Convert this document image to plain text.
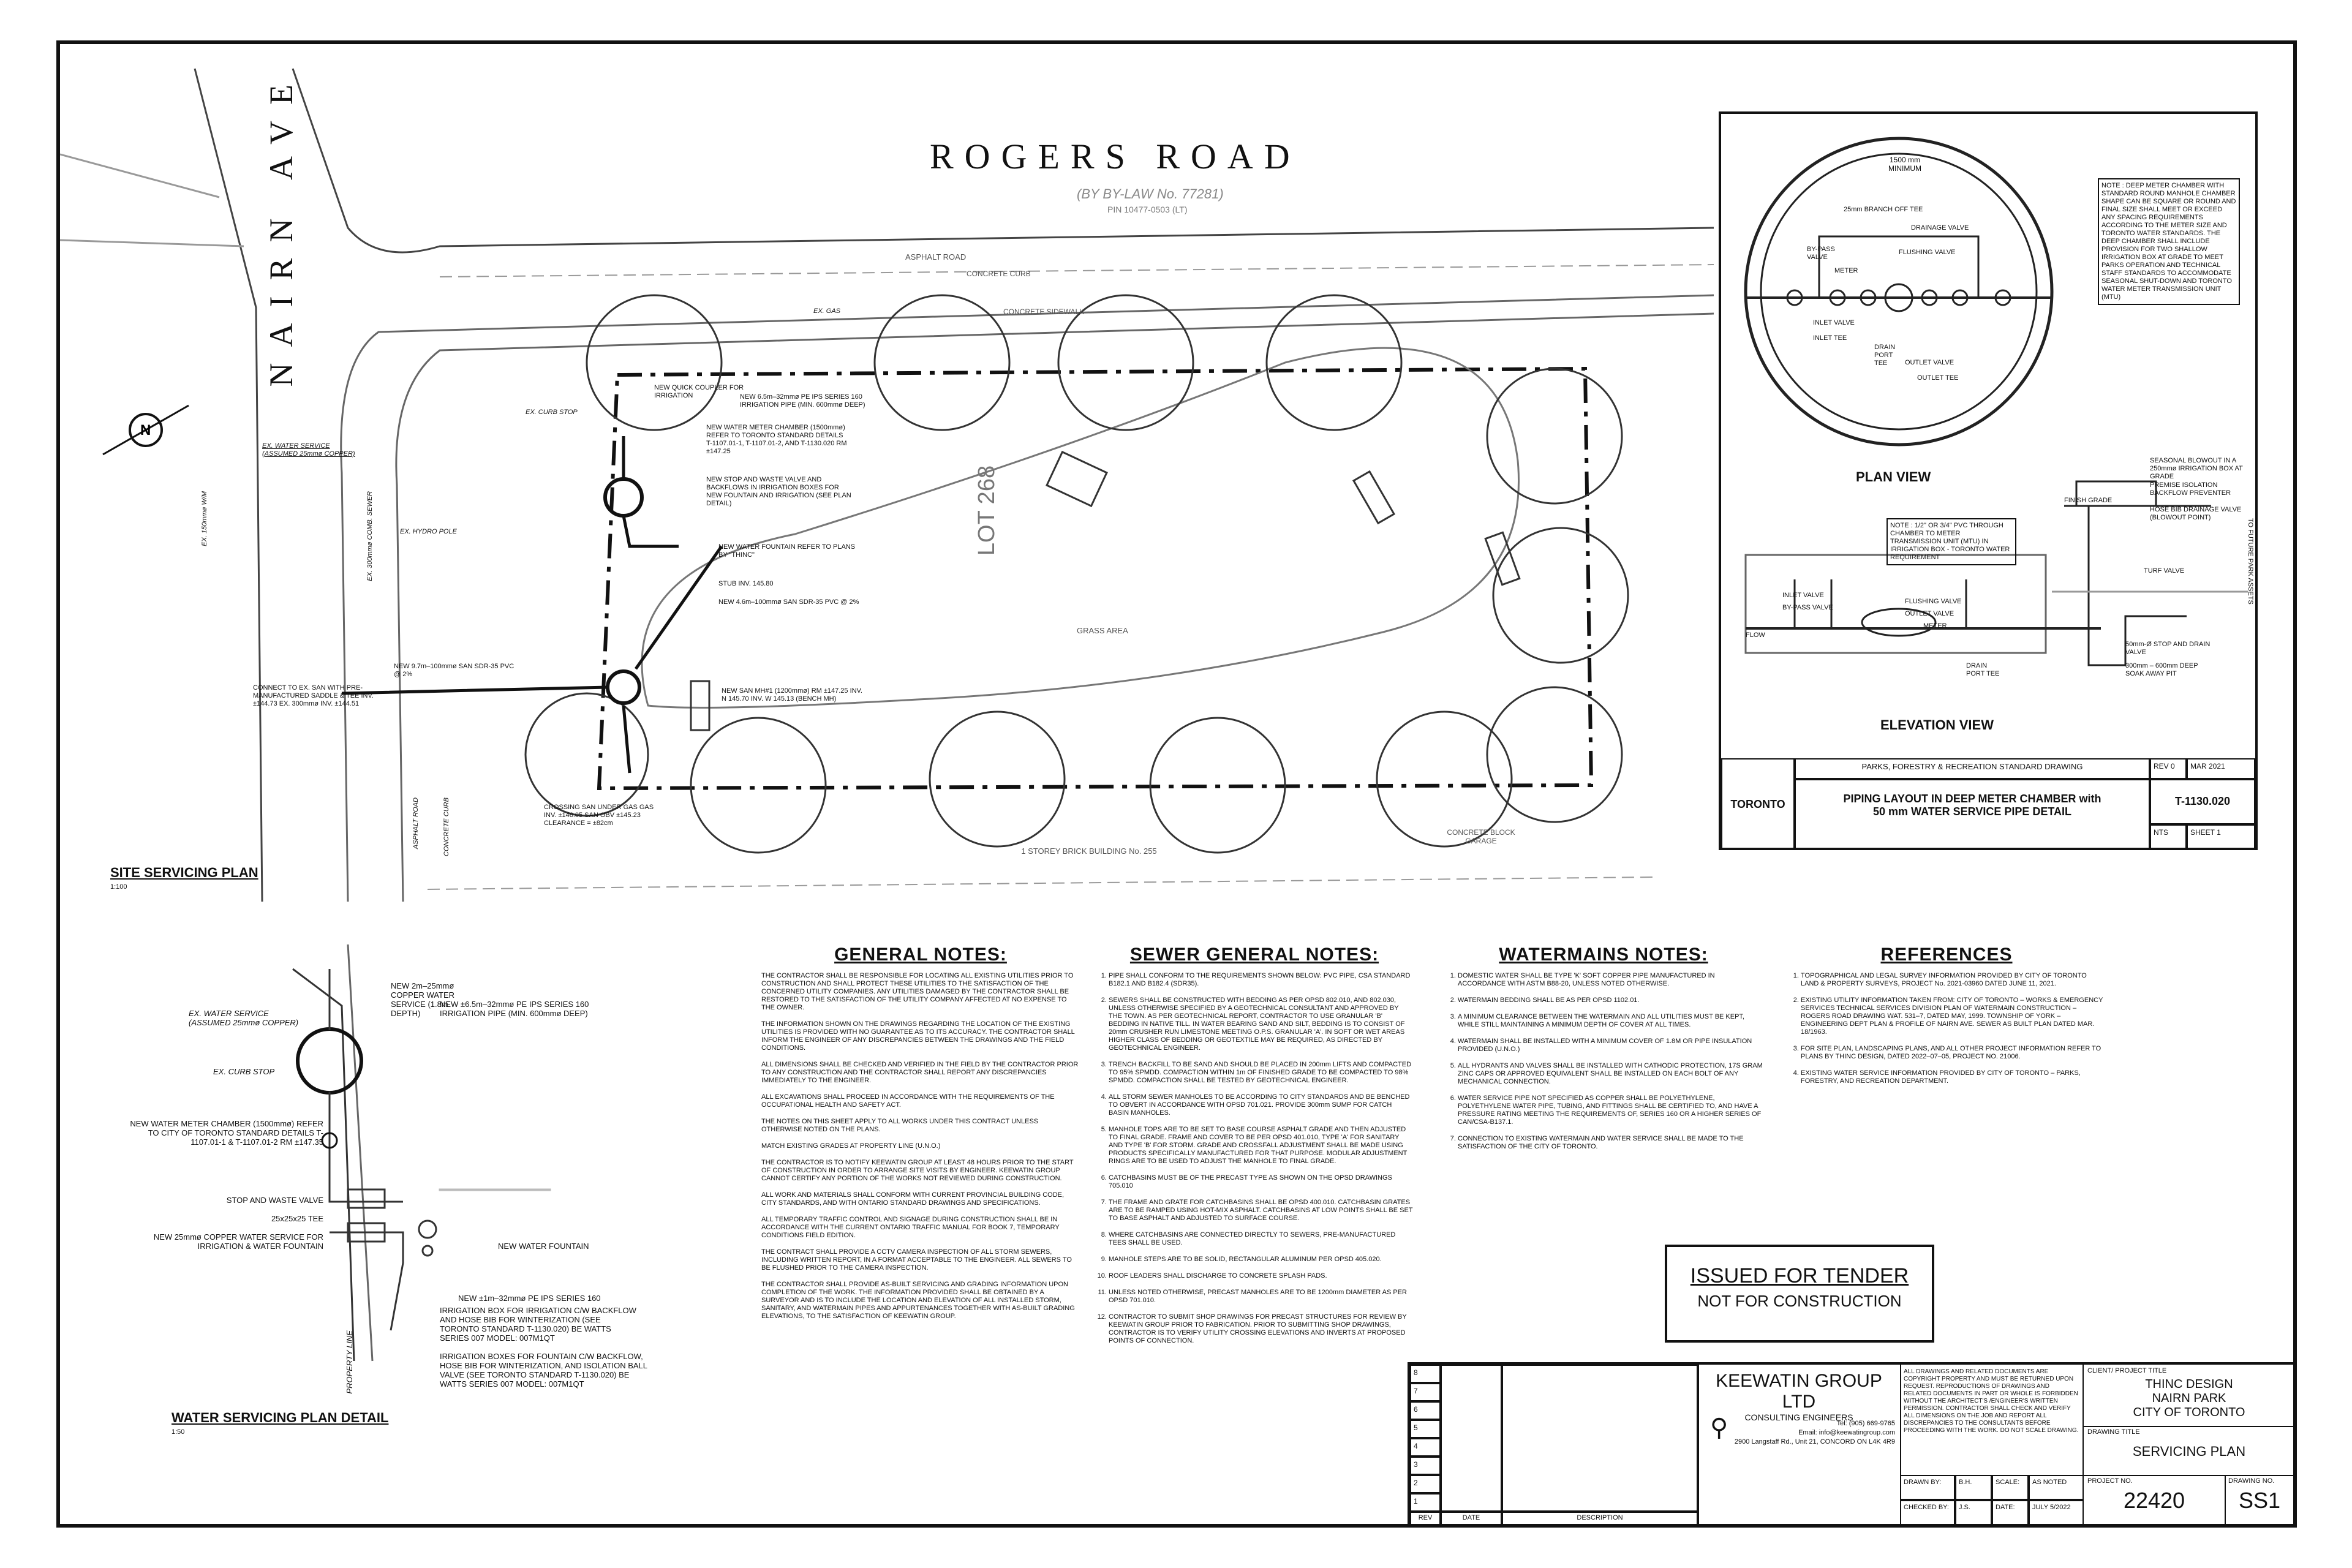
N
ROGERS ROAD
(BY BY-LAW No. 77281)
PIN 10477-0503 (LT)
NAIRN AVE	ASPHALT ROAD
CONCRETE CURB
CONCRETE SIDEWALK
GRASS AREA
LOT 268
1 STOREY BRICK BUILDING No. 255
CONCRETE BLOCK GARAGE
EX. WATER SERVICE (ASSUMED 25mmø COPPER)
EX. CURB STOP
EX. HYDRO POLE
EX. 300mmø COMB. SEWER
EX. 150mmø W/M
EX. GAS
ASPHALT ROAD	CONCRETE CURB
NEW QUICK COUPLER FOR IRRIGATION	NEW 6.5m–32mmø PE IPS SERIES 160 IRRIGATION PIPE (MIN. 600mmø DEEP)
NEW WATER METER CHAMBER (1500mmø) REFER TO TORONTO STANDARD DETAILS T-1107.01-1, T-1107.01-2, AND T-1130.020 RM ±147.25
NEW STOP AND WASTE VALVE AND BACKFLOWS IN IRRIGATION BOXES FOR NEW FOUNTAIN AND IRRIGATION (SEE PLAN DETAIL)
NEW WATER FOUNTAIN REFER TO PLANS BY "THINC"
STUB INV. 145.80
NEW 4.6m–100mmø SAN SDR-35 PVC @ 2%
NEW 9.7m–100mmø SAN SDR-35 PVC @ 2%
CONNECT TO EX. SAN WITH PRE-MANUFACTURED SADDLE & TEE INV. ±144.73 EX. 300mmø INV. ±144.51
NEW SAN MH#1 (1200mmø) RM ±147.25 INV. N 145.70 INV. W 145.13 (BENCH MH)
CROSSING SAN UNDER GAS GAS INV. ±146.05 SAN OBV ±145.23 CLEARANCE = ±82cm
SITE SERVICING PLAN
1:100
NEW 2m–25mmø COPPER WATER SERVICE (1.8m DEPTH)
NEW ±6.5m–32mmø PE IPS SERIES 160 IRRIGATION PIPE (MIN. 600mmø DEEP)
EX. WATER SERVICE (ASSUMED 25mmø COPPER)
EX. CURB STOP
NEW WATER METER CHAMBER (1500mmø) REFER TO CITY OF TORONTO STANDARD DETAILS T-1107.01-1 & T-1107.01-2 RM ±147.35
STOP AND WASTE VALVE
25x25x25 TEE
NEW 25mmø COPPER WATER SERVICE FOR IRRIGATION & WATER FOUNTAIN	NEW WATER FOUNTAIN
NEW ±1m–32mmø PE IPS SERIES 160
IRRIGATION BOX FOR IRRIGATION C/W BACKFLOW AND HOSE BIB FOR WINTERIZATION (SEE TORONTO STANDARD T-1130.020) BE WATTS SERIES 007 MODEL: 007M1QT
IRRIGATION BOXES FOR FOUNTAIN C/W BACKFLOW, HOSE BIB FOR WINTERIZATION, AND ISOLATION BALL VALVE (SEE TORONTO STANDARD T-1130.020) BE WATTS SERIES 007 MODEL: 007M1QT
PROPERTY LINE
WATER SERVICING PLAN DETAIL
1:50
1500 mm MINIMUM
NOTE : DEEP METER CHAMBER WITH STANDARD ROUND MANHOLE CHAMBER SHAPE CAN BE SQUARE OR ROUND AND FINAL SIZE SHALL MEET OR EXCEED ANY SPACING REQUIREMENTS ACCORDING TO THE METER SIZE AND TORONTO WATER STANDARDS. THE DEEP CHAMBER SHALL INCLUDE PROVISION FOR TWO SHALLOW IRRIGATION BOX AT GRADE TO MEET PARKS OPERATION AND TECHNICAL STAFF STANDARDS TO ACCOMMODATE SEASONAL SHUT-DOWN AND TORONTO WATER METER TRANSMISSION UNIT (MTU)
25mm BRANCH OFF TEE
DRAINAGE VALVE
BY-PASS VALVE
FLUSHING VALVE
METER
INLET VALVE
INLET TEE
DRAIN PORT TEE	OUTLET VALVE
OUTLET TEE
PLAN VIEW
NOTE : 1/2" OR 3/4" PVC THROUGH CHAMBER TO METER TRANSMISSION UNIT (MTU) IN IRRIGATION BOX - TORONTO WATER REQUIREMENT
FINISH GRADE
SEASONAL BLOWOUT IN A 250mmø IRRIGATION BOX AT GRADE
PREMISE ISOLATION BACKFLOW PREVENTER
HOSE BIB DRAINAGE VALVE (BLOWOUT POINT)
TURF VALVE	TO FUTURE PARK ASSETS
FLUSHING VALVE
OUTLET VALVE
INLET VALVE
BY-PASS VALVE
METER
DRAIN PORT TEE
50mm-Ø STOP AND DRAIN VALVE
300mm – 600mm DEEP SOAK AWAY PIT
FLOW
ELEVATION VIEW
TORONTO
PARKS, FORESTRY & RECREATION STANDARD DRAWING
PIPING LAYOUT IN DEEP METER CHAMBER with 50 mm WATER SERVICE PIPE DETAIL
REV 0	MAR 2021
T-1130.020
NTS	SHEET 1
GENERAL NOTES:

THE CONTRACTOR SHALL BE RESPONSIBLE FOR LOCATING ALL EXISTING UTILITIES PRIOR TO CONSTRUCTION AND SHALL PROTECT THESE UTILITIES TO THE SATISFACTION OF THE CONCERNED UTILITY COMPANIES. ANY UTILITIES DAMAGED BY THE CONTRACTOR SHALL BE RESTORED TO THE SATISFACTION OF THE UTILITY COMPANY AFFECTED AT NO EXPENSE TO THE OWNER.

THE INFORMATION SHOWN ON THE DRAWINGS REGARDING THE LOCATION OF THE EXISTING UTILITIES IS PROVIDED WITH NO GUARANTEE AS TO ITS ACCURACY. THE CONTRACTOR SHALL INFORM THE ENGINEER OF ANY DISCREPANCIES BETWEEN THE DRAWINGS AND THE FIELD CONDITIONS.

ALL DIMENSIONS SHALL BE CHECKED AND VERIFIED IN THE FIELD BY THE CONTRACTOR PRIOR TO ANY CONSTRUCTION AND THE CONTRACTOR SHALL REPORT ANY DISCREPANCIES IMMEDIATELY TO THE ENGINEER.

ALL EXCAVATIONS SHALL PROCEED IN ACCORDANCE WITH THE REQUIREMENTS OF THE OCCUPATIONAL HEALTH AND SAFETY ACT.

THE NOTES ON THIS SHEET APPLY TO ALL WORKS UNDER THIS CONTRACT UNLESS OTHERWISE NOTED ON THE PLANS.

MATCH EXISTING GRADES AT PROPERTY LINE (U.N.O.)

THE CONTRACTOR IS TO NOTIFY KEEWATIN GROUP AT LEAST 48 HOURS PRIOR TO THE START OF CONSTRUCTION IN ORDER TO ARRANGE SITE VISITS BY ENGINEER. KEEWATIN GROUP CANNOT CERTIFY ANY PORTION OF THE WORKS NOT REVIEWED DURING CONSTRUCTION.

ALL WORK AND MATERIALS SHALL CONFORM WITH CURRENT PROVINCIAL BUILDING CODE, CITY STANDARDS, AND WITH ONTARIO STANDARD DRAWINGS AND SPECIFICATIONS.

ALL TEMPORARY TRAFFIC CONTROL AND SIGNAGE DURING CONSTRUCTION SHALL BE IN ACCORDANCE WITH THE CURRENT ONTARIO TRAFFIC MANUAL FOR BOOK 7, TEMPORARY CONDITIONS FIELD EDITION.

THE CONTRACT SHALL PROVIDE A CCTV CAMERA INSPECTION OF ALL STORM SEWERS, INCLUDING WRITTEN REPORT, IN A FORMAT ACCEPTABLE TO THE ENGINEER. ALL SEWERS TO BE FLUSHED PRIOR TO THE CAMERA INSPECTION.

THE CONTRACTOR SHALL PROVIDE AS-BUILT SERVICING AND GRADING INFORMATION UPON COMPLETION OF THE WORK. THE INFORMATION PROVIDED SHALL BE OBTAINED BY A SURVEYOR AND IS TO INCLUDE THE LOCATION AND ELEVATION OF ALL INSTALLED STORM, SANITARY, AND WATERMAIN PIPES AND APPURTENANCES TOGETHER WITH AS-BUILT GRADING ELEVATIONS, TO THE SATISFACTION OF KEEWATIN GROUP.

SEWER GENERAL NOTES:
1. PIPE SHALL CONFORM TO THE REQUIREMENTS SHOWN BELOW: PVC PIPE, CSA STANDARD B182.1 AND B182.4 (SDR35).
2. SEWERS SHALL BE CONSTRUCTED WITH BEDDING AS PER OPSD 802.010, AND 802.030, UNLESS OTHERWISE SPECIFIED BY A GEOTECHNICAL CONSULTANT AND APPROVED BY THE TOWN. AS PER GEOTECHNICAL REPORT, CONTRACTOR TO USE GRANULAR 'B' BEDDING IN NATIVE TILL. IN WATER BEARING SAND AND SILT, BEDDING IS TO CONSIST OF 20mm CRUSHER RUN LIMESTONE MEETING O.P.S. GRANULAR 'A'. IN SOFT OR WET AREAS HIGHER CLASS OF BEDDING OR GEOTEXTILE MAY BE REQUIRED, AS DIRECTED BY GEOTECHNICAL ENGINEER.
3. TRENCH BACKFILL TO BE SAND AND SHOULD BE PLACED IN 200mm LIFTS AND COMPACTED TO 95% SPMDD. COMPACTION WITHIN 1m OF FINISHED GRADE TO BE COMPACTED TO 98% SPMDD. COMPACTION SHALL BE TESTED BY GEOTECHNICAL ENGINEER.
4. ALL STORM SEWER MANHOLES TO BE ACCORDING TO CITY STANDARDS AND BE BENCHED TO OBVERT IN ACCORDANCE WITH OPSD 701.021. PROVIDE 300mm SUMP FOR CATCH BASIN MANHOLES.
5. MANHOLE TOPS ARE TO BE SET TO BASE COURSE ASPHALT GRADE AND THEN ADJUSTED TO FINAL GRADE. FRAME AND COVER TO BE PER OPSD 401.010, TYPE 'A' FOR SANITARY AND TYPE 'B' FOR STORM. GRADE AND CROSSFALL ADJUSTMENT SHALL BE MADE USING PRODUCTS SPECIFICALLY MANUFACTURED FOR THAT PURPOSE. MODULAR ADJUSTMENT RINGS ARE TO BE USED TO ADJUST THE MANHOLE TO FINAL GRADE.
6. CATCHBASINS MUST BE OF THE PRECAST TYPE AS SHOWN ON THE OPSD DRAWINGS 705.010
7. THE FRAME AND GRATE FOR CATCHBASINS SHALL BE OPSD 400.010. CATCHBASIN GRATES ARE TO BE RAMPED USING HOT-MIX ASPHALT. CATCHBASINS AT LOW POINTS SHALL BE SET TO BASE ASPHALT AND ADJUSTED TO SURFACE COURSE.
8. WHERE CATCHBASINS ARE CONNECTED DIRECTLY TO SEWERS, PRE-MANUFACTURED TEES SHALL BE USED.
9. MANHOLE STEPS ARE TO BE SOLID, RECTANGULAR ALUMINUM PER OPSD 405.020.
10. ROOF LEADERS SHALL DISCHARGE TO CONCRETE SPLASH PADS.
11. UNLESS NOTED OTHERWISE, PRECAST MANHOLES ARE TO BE 1200mm DIAMETER AS PER OPSD 701.010.
12. CONTRACTOR TO SUBMIT SHOP DRAWINGS FOR PRECAST STRUCTURES FOR REVIEW BY KEEWATIN GROUP PRIOR TO FABRICATION. PRIOR TO SUBMITTING SHOP DRAWINGS, CONTRACTOR IS TO VERIFY UTILITY CROSSING ELEVATIONS AND INVERTS AT PROPOSED POINTS OF CONNECTION.
WATERMAINS NOTES:
1. DOMESTIC WATER SHALL BE TYPE 'K' SOFT COPPER PIPE MANUFACTURED IN ACCORDANCE WITH ASTM B88-20, UNLESS NOTED OTHERWISE.
2. WATERMAIN BEDDING SHALL BE AS PER OPSD 1102.01.
3. A MINIMUM CLEARANCE BETWEEN THE WATERMAIN AND ALL UTILITIES MUST BE KEPT, WHILE STILL MAINTAINING A MINIMUM DEPTH OF COVER AT ALL TIMES.
4. WATERMAIN SHALL BE INSTALLED WITH A MINIMUM COVER OF 1.8M OR PIPE INSULATION PROVIDED (U.N.O.)
5. ALL HYDRANTS AND VALVES SHALL BE INSTALLED WITH CATHODIC PROTECTION, 17S GRAM ZINC CAPS OR APPROVED EQUIVALENT SHALL BE INSTALLED ON EACH BOLT OF ANY MECHANICAL CONNECTION.
6. WATER SERVICE PIPE NOT SPECIFIED AS COPPER SHALL BE POLYETHYLENE, POLYETHYLENE WATER PIPE, TUBING, AND FITTINGS SHALL BE CERTIFIED TO, AND HAVE A PRESSURE RATING MEETING THE REQUIREMENTS OF, SERIES 160 OR A HIGHER SERIES OF CAN/CSA-B137.1.
7. CONNECTION TO EXISTING WATERMAIN AND WATER SERVICE SHALL BE MADE TO THE SATISFACTION OF THE CITY OF TORONTO.
REFERENCES
1. TOPOGRAPHICAL AND LEGAL SURVEY INFORMATION PROVIDED BY CITY OF TORONTO LAND & PROPERTY SURVEYS, PROJECT No. 2021-03960 DATED JUNE 11, 2021.
2. EXISTING UTILITY INFORMATION TAKEN FROM: CITY OF TORONTO – WORKS & EMERGENCY SERVICES TECHNICAL SERVICES DIVISION PLAN OF WATERMAIN CONSTRUCTION – ROGERS ROAD DRAWING WAT. 531–7, DATED MAY, 1999. TOWNSHIP OF YORK – ENGINEERING DEPT PLAN & PROFILE OF NAIRN AVE. SEWER AS BUILT PLAN DATED MAR. 18/1963.
3. FOR SITE PLAN, LANDSCAPING PLANS, AND ALL OTHER PROJECT INFORMATION REFER TO PLANS BY THINC DESIGN, DATED 2022–07–05, PROJECT NO. 21006.
4. EXISTING WATER SERVICE INFORMATION PROVIDED BY CITY OF TORONTO – PARKS, FORESTRY, AND RECREATION DEPARTMENT.
ISSUED FOR TENDER
NOT FOR CONSTRUCTION
8
7
6
5
4
3
2
1
REV	DATE	DESCRIPTION
KEEWATIN GROUP LTD
CONSULTING ENGINEERS
⚲	Tel: (905) 669-9765
Email: info@keewatingroup.com
2900 Langstaff Rd., Unit 21, CONCORD ON L4K 4R9
ALL DRAWINGS AND RELATED DOCUMENTS ARE COPYRIGHT PROPERTY AND MUST BE RETURNED UPON REQUEST. REPRODUCTIONS OF DRAWINGS AND RELATED DOCUMENTS IN PART OR WHOLE IS FORBIDDEN WITHOUT THE ARCHITECT'S /ENGINEER'S WRITTEN PERMISSION. CONTRACTOR SHALL CHECK AND VERIFY ALL DIMENSIONS ON THE JOB AND REPORT ALL DISCREPANCIES TO THE CONSULTANTS BEFORE PROCEEDING WITH THE WORK. DO NOT SCALE DRAWING.
CLIENT/ PROJECT TITLE
THINC DESIGN
NAIRN PARK
CITY OF TORONTO
DRAWING TITLE
SERVICING PLAN
DRAWN BY:	B.H.	SCALE:	AS NOTED
CHECKED BY:	J.S.	DATE:	JULY 5/2022
PROJECT NO.
22420
DRAWING NO.
SS1
